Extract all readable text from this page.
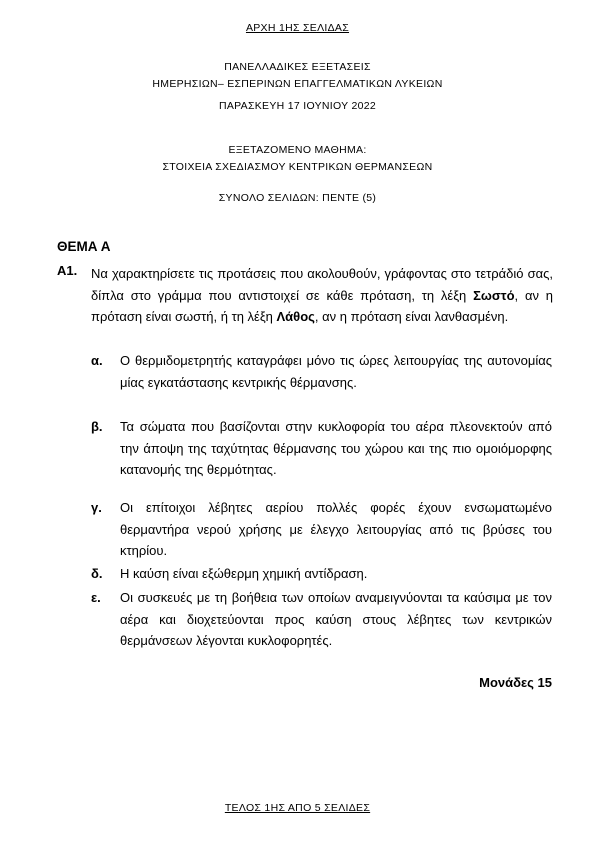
ΑΡΧΗ 1ΗΣ ΣΕΛΙΔΑΣ
ΠΑΝΕΛΛΑΔΙΚΕΣ ΕΞΕΤΑΣΕΙΣ
ΗΜΕΡΗΣΙΩΝ– ΕΣΠΕΡΙΝΩΝ ΕΠΑΓΓΕΛΜΑΤΙΚΩΝ ΛΥΚΕΙΩΝ
ΠΑΡΑΣΚΕΥΗ 17 ΙΟΥΝΙΟΥ 2022
ΕΞΕΤΑΖΟΜΕΝΟ ΜΑΘΗΜΑ:
ΣΤΟΙΧΕΙΑ ΣΧΕΔΙΑΣΜΟΥ ΚΕΝΤΡΙΚΩΝ ΘΕΡΜΑΝΣΕΩΝ
ΣΥΝΟΛΟ ΣΕΛΙΔΩΝ: ΠΕΝΤΕ (5)
ΘΕΜΑ Α
Α1. Να χαρακτηρίσετε τις προτάσεις που ακολουθούν, γράφοντας στο τετράδιό σας, δίπλα στο γράμμα που αντιστοιχεί σε κάθε πρόταση, τη λέξη Σωστό, αν η πρόταση είναι σωστή, ή τη λέξη Λάθος, αν η πρόταση είναι λανθασμένη.
α. Ο θερμιδομετρητής καταγράφει μόνο τις ώρες λειτουργίας της αυτονομίας μίας εγκατάστασης κεντρικής θέρμανσης.
β. Τα σώματα που βασίζονται στην κυκλοφορία του αέρα πλεονεκτούν από την άποψη της ταχύτητας θέρμανσης του χώρου και της πιο ομοιόμορφης κατανομής της θερμότητας.
γ. Οι επίτοιχοι λέβητες αερίου πολλές φορές έχουν ενσωματωμένο θερμαντήρα νερού χρήσης με έλεγχο λειτουργίας από τις βρύσες του κτηρίου.
δ. Η καύση είναι εξώθερμη χημική αντίδραση.
ε. Οι συσκευές με τη βοήθεια των οποίων αναμειγνύονται τα καύσιμα με τον αέρα και διοχετεύονται προς καύση στους λέβητες των κεντρικών θερμάνσεων λέγονται κυκλοφορητές.
Μονάδες 15
ΤΕΛΟΣ 1ΗΣ ΑΠΟ 5 ΣΕΛΙΔΕΣ
